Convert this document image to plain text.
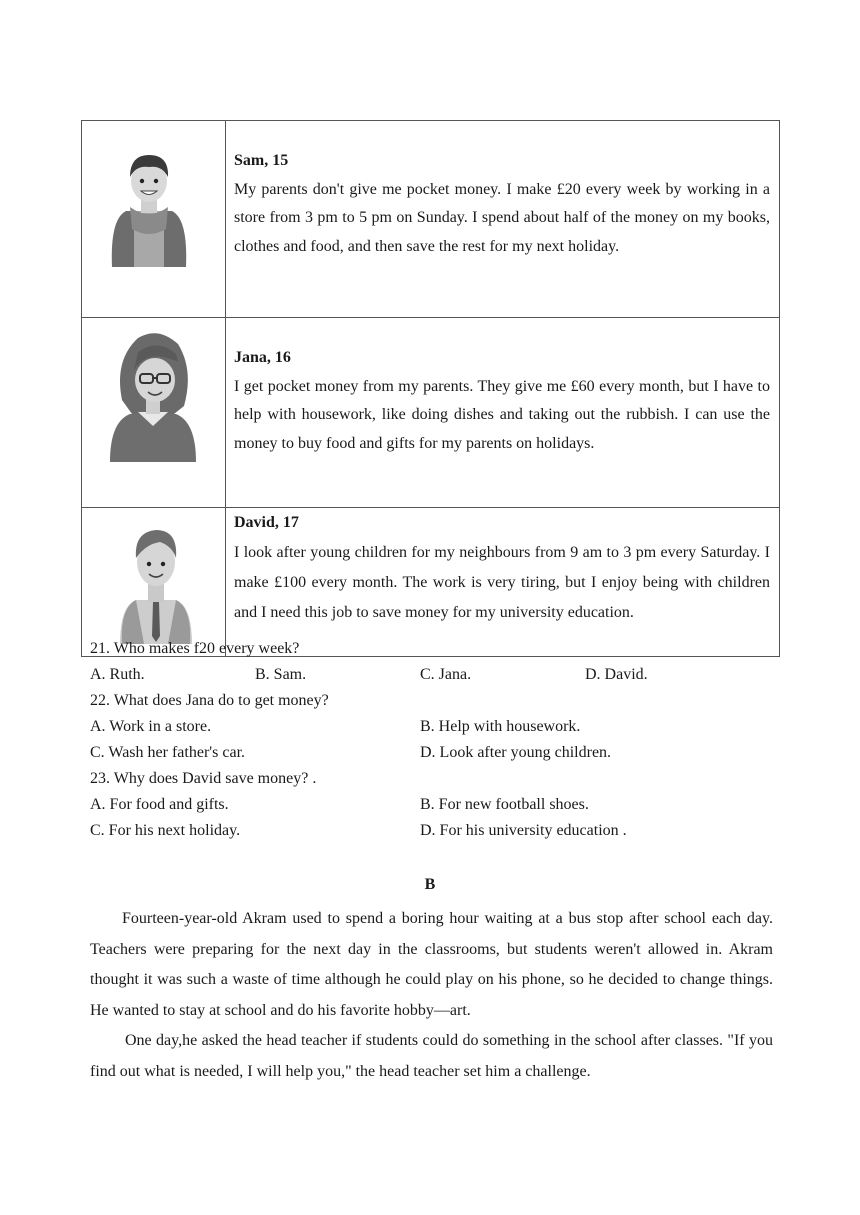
Sam, 15
My parents don't give me pocket money. I make £20 every week by working in a store from 3 pm to 5 pm on Sunday. I spend about half of the money on my books, clothes and food, and then save the rest for my next holiday.

Jana, 16
I get pocket money from my parents. They give me £60 every month, but I have to help with housework, like doing dishes and taking out the rubbish. I can use the money to buy food and gifts for my parents on holidays.

David, 17
I look after young children for my neighbours from 9 am to 3 pm every Saturday. I make £100 every month. The work is very tiring, but I enjoy being with children and I need this job to save money for my university education.
21. Who makes f20 every week?
A. Ruth.	B. Sam.	C. Jana.	D. David.
22. What does Jana do to get money?
A. Work in a store.	B. Help with housework.
C. Wash her father's car.	D. Look after young children.
23. Why does David save money? .
A. For food and gifts.	B. For new football shoes.
C. For his next holiday.	D. For his university education .
B

Fourteen-year-old Akram used to spend a boring hour waiting at a bus stop after school each day. Teachers were preparing for the next day in the classrooms, but students weren't allowed in. Akram thought it was such a waste of time although he could play on his phone, so he decided to change things. He wanted to stay at school and do his favorite hobby—art.

One day,he asked the head teacher if students could do something in the school after classes. "If you find out what is needed, I will help you," the head teacher set him a challenge.
